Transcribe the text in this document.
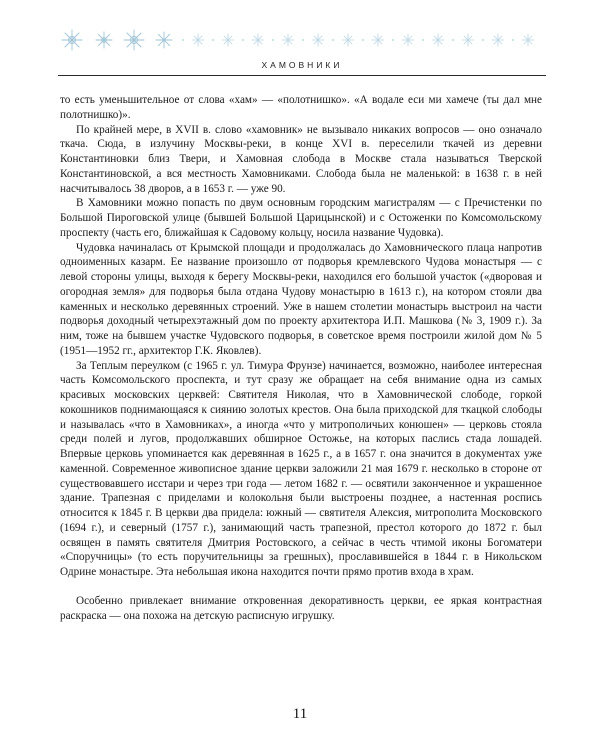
ХАМОВНИКИ

то есть уменьшительное от слова «хам» — «полотнишко». «А водале еси ми хамече (ты дал мне полотнишко)».

По крайней мере, в XVII в. слово «хамовник» не вызывало никаких вопросов — оно означало ткача. Сюда, в излучину Москвы-реки, в конце XVI в. переселили ткачей из деревни Константиновки близ Твери, и Хамовная слобода в Москве стала называться Тверской Константиновской, а вся местность Хамовниками. Слобода была не маленькой: в 1638 г. в ней насчитывалось 38 дворов, а в 1653 г. — уже 90.

В Хамовники можно попасть по двум основным городским магистралям — с Пречистенки по Большой Пироговской улице (бывшей Большой Царицынской) и с Остоженки по Комсомольскому проспекту (часть его, ближайшая к Садовому кольцу, носила название Чудовка).

Чудовка начиналась от Крымской площади и продолжалась до Хамовнического плаца напротив одноименных казарм. Ее название произошло от подворья кремлевского Чудова монастыря — с левой стороны улицы, выходя к берегу Москвы-реки, находился его большой участок («дворовая и огородная земля» для подворья была отдана Чудову монастырю в 1613 г.), на котором стояли два каменных и несколько деревянных строений. Уже в нашем столетии монастырь выстроил на части подворья доходный четырехэтажный дом по проекту архитектора И.П. Машкова (№ 3, 1909 г.). За ним, тоже на бывшем участке Чудовского подворья, в советское время построили жилой дом № 5 (1951—1952 гг., архитектор Г.К. Яковлев).

За Теплым переулком (с 1965 г. ул. Тимура Фрунзе) начинается, возможно, наиболее интересная часть Комсомольского проспекта, и тут сразу же обращает на себя внимание одна из самых красивых московских церквей: Святителя Николая, что в Хамовнической слободе, горкой кокошников поднимающаяся к сиянию золотых крестов. Она была приходской для ткацкой слободы и называлась «что в Хамовниках», а иногда «что у митрополичьих конюшен» — церковь стояла среди полей и лугов, продолжавших обширное Остожье, на которых паслись стада лошадей. Впервые церковь упоминается как деревянная в 1625 г., а в 1657 г. она значится в документах уже каменной. Современное живописное здание церкви заложили 21 мая 1679 г. несколько в стороне от существовавшего исстари и через три года — летом 1682 г. — освятили законченное и украшенное здание. Трапезная с приделами и колокольня были выстроены позднее, а настенная роспись относится к 1845 г. В церкви два придела: южный — святителя Алексия, митрополита Московского (1694 г.), и северный (1757 г.), занимающий часть трапезной, престол которого до 1872 г. был освящен в память святителя Дмитрия Ростовского, а сейчас в честь чтимой иконы Богоматери «Споручницы» (то есть поручительницы за грешных), прославившейся в 1844 г. в Никольском Одрине монастыре. Эта небольшая икона находится почти прямо против входа в храм.

Особенно привлекает внимание откровенная декоративность церкви, ее яркая контрастная раскраска — она похожа на детскую расписную игрушку.

11
